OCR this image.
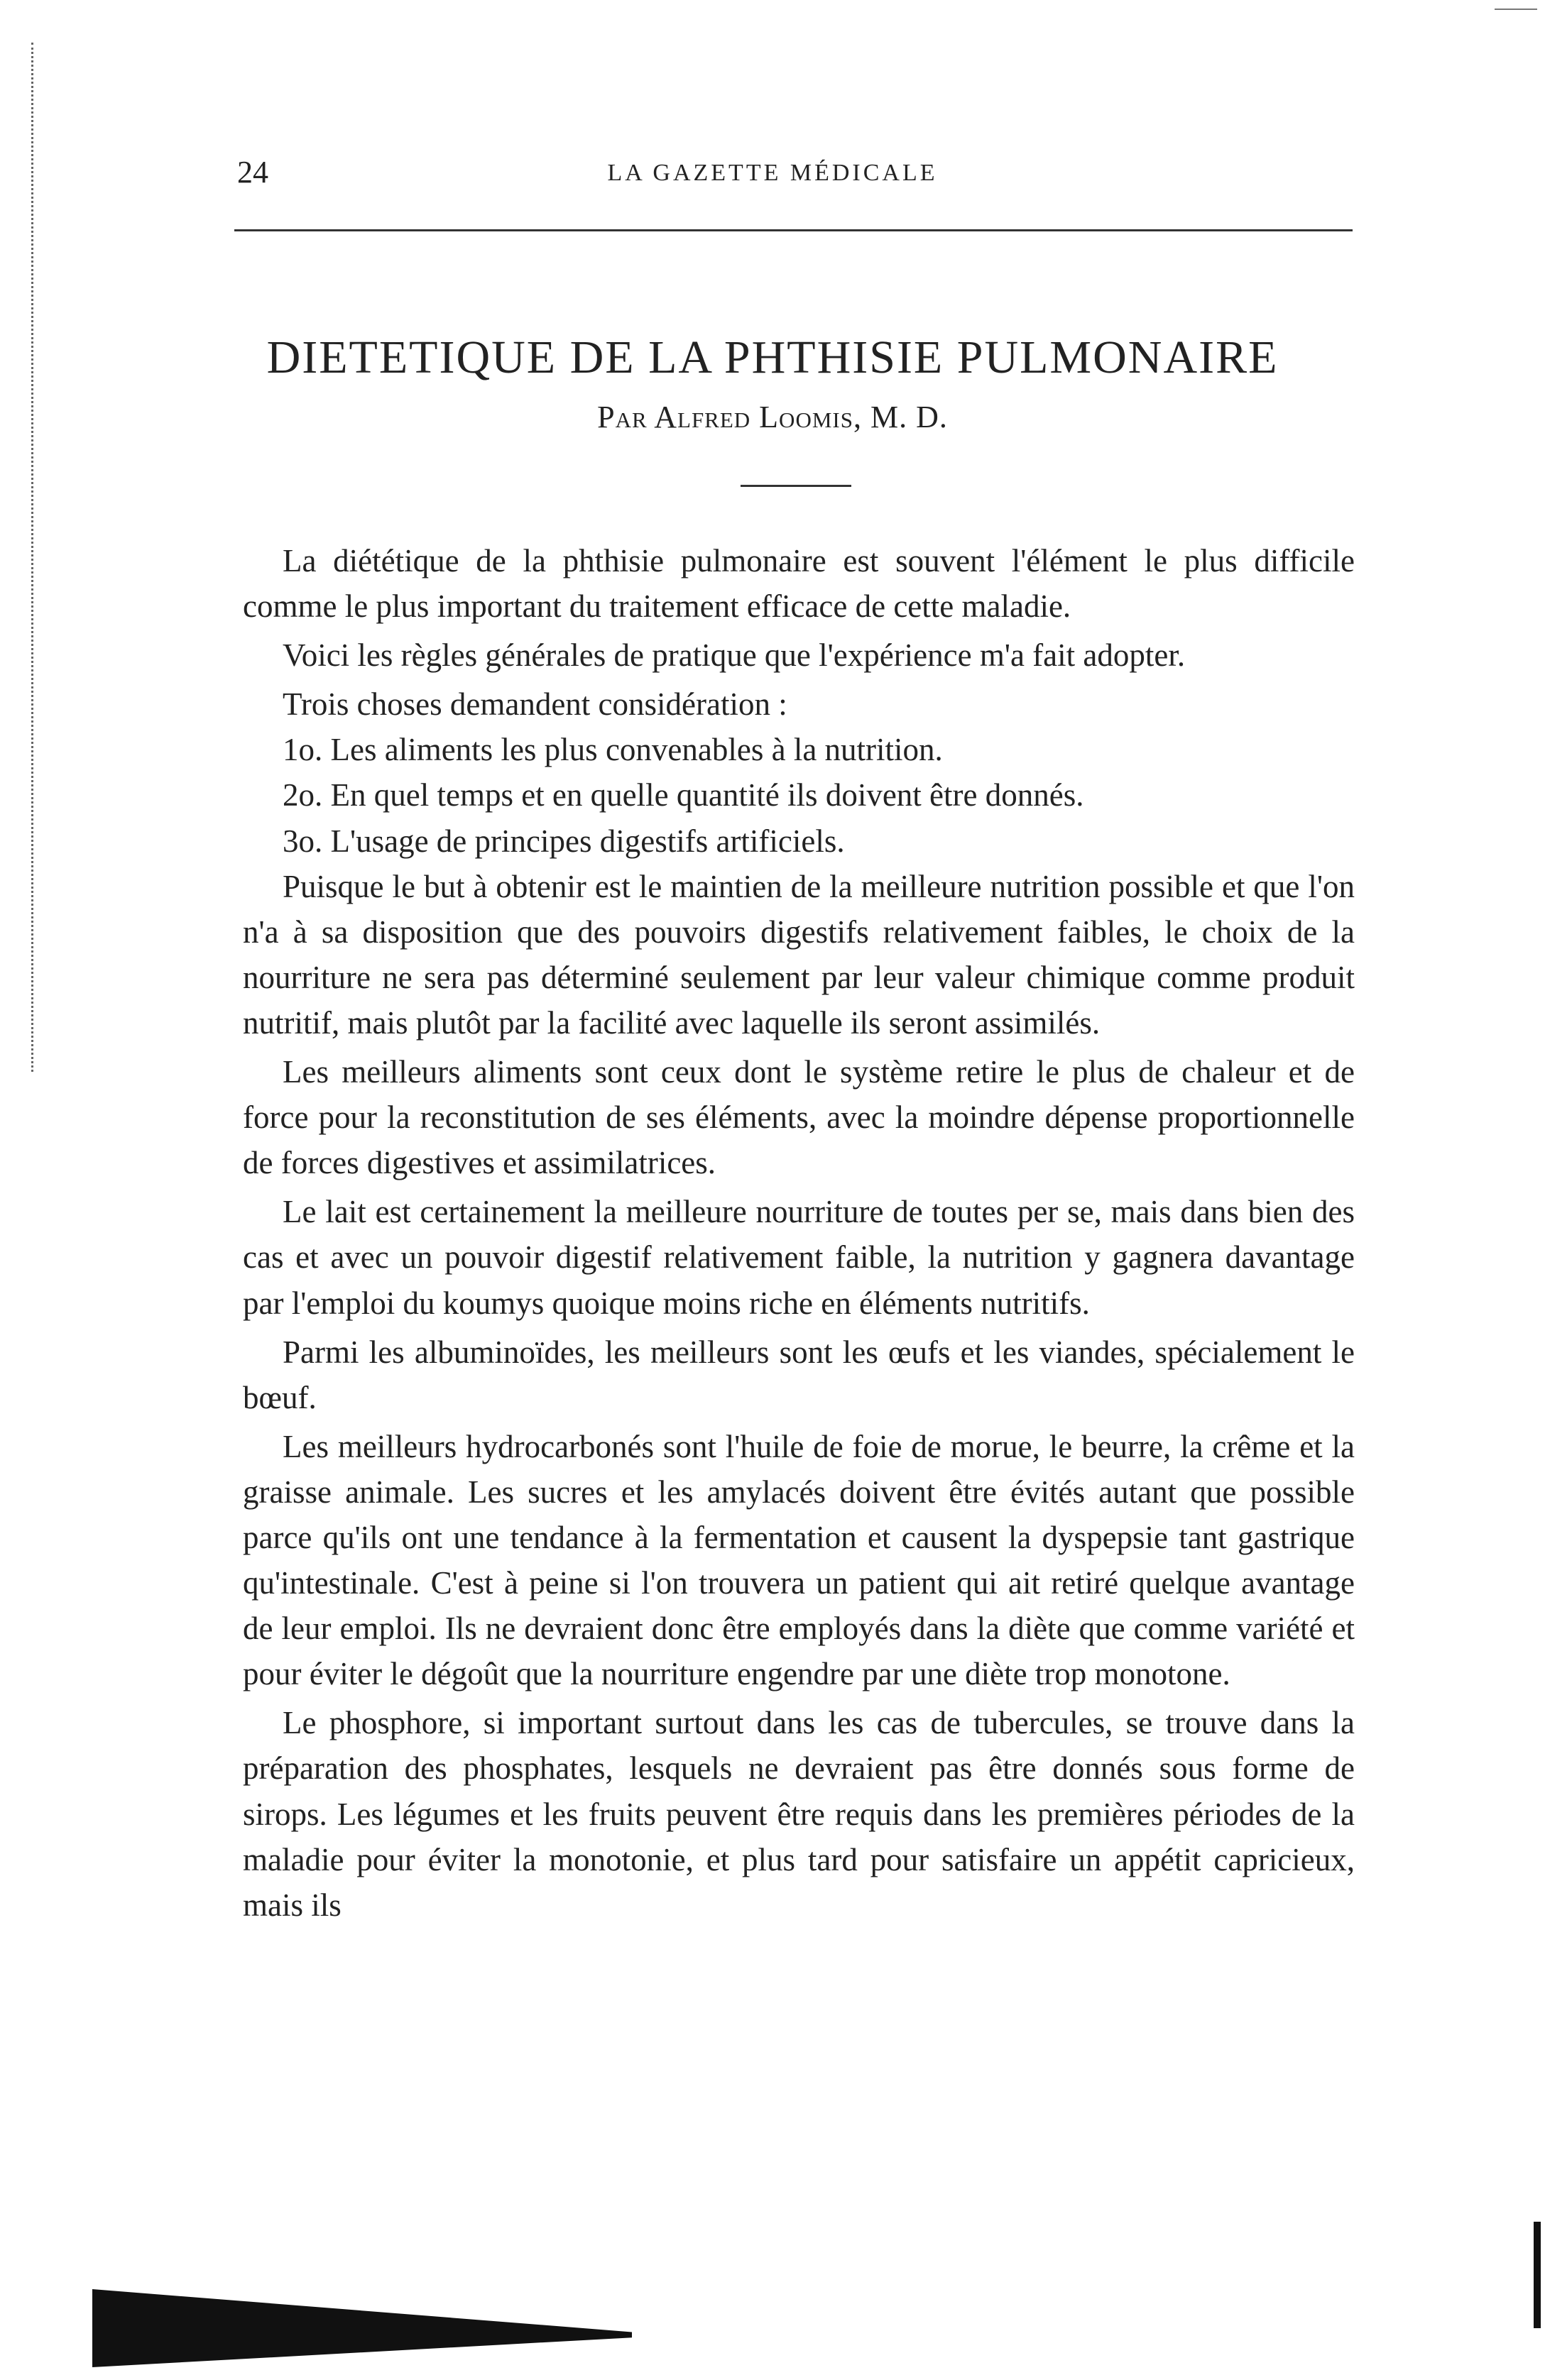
24	LA GAZETTE MÉDICALE
DIETETIQUE DE LA PHTHISIE PULMONAIRE
Par Alfred Loomis, M. D.

La diététique de la phthisie pulmonaire est souvent l'élément le plus difficile comme le plus important du traitement efficace de cette maladie.

Voici les règles générales de pratique que l'expérience m'a fait adopter.

Trois choses demandent considération :

1o. Les aliments les plus convenables à la nutrition.

2o. En quel temps et en quelle quantité ils doivent être donnés.

3o. L'usage de principes digestifs artificiels.

Puisque le but à obtenir est le maintien de la meilleure nutrition possible et que l'on n'a à sa disposition que des pouvoirs digestifs relativement faibles, le choix de la nourriture ne sera pas déterminé seulement par leur valeur chimique comme produit nutritif, mais plutôt par la facilité avec laquelle ils seront assimilés.

Les meilleurs aliments sont ceux dont le système retire le plus de chaleur et de force pour la reconstitution de ses éléments, avec la moindre dépense proportionnelle de forces digestives et assimilatrices.

Le lait est certainement la meilleure nourriture de toutes per se, mais dans bien des cas et avec un pouvoir digestif relativement faible, la nutrition y gagnera davantage par l'emploi du koumys quoique moins riche en éléments nutritifs.

Parmi les albuminoïdes, les meilleurs sont les œufs et les viandes, spécialement le bœuf.

Les meilleurs hydrocarbonés sont l'huile de foie de morue, le beurre, la crême et la graisse animale. Les sucres et les amylacés doivent être évités autant que possible parce qu'ils ont une tendance à la fermentation et causent la dyspepsie tant gastrique qu'intestinale. C'est à peine si l'on trouvera un patient qui ait retiré quelque avantage de leur emploi. Ils ne devraient donc être employés dans la diète que comme variété et pour éviter le dégoût que la nourriture engendre par une diète trop monotone.

Le phosphore, si important surtout dans les cas de tubercules, se trouve dans la préparation des phosphates, lesquels ne devraient pas être donnés sous forme de sirops. Les légumes et les fruits peuvent être requis dans les premières périodes de la maladie pour éviter la monotonie, et plus tard pour satisfaire un appétit capricieux, mais ils
